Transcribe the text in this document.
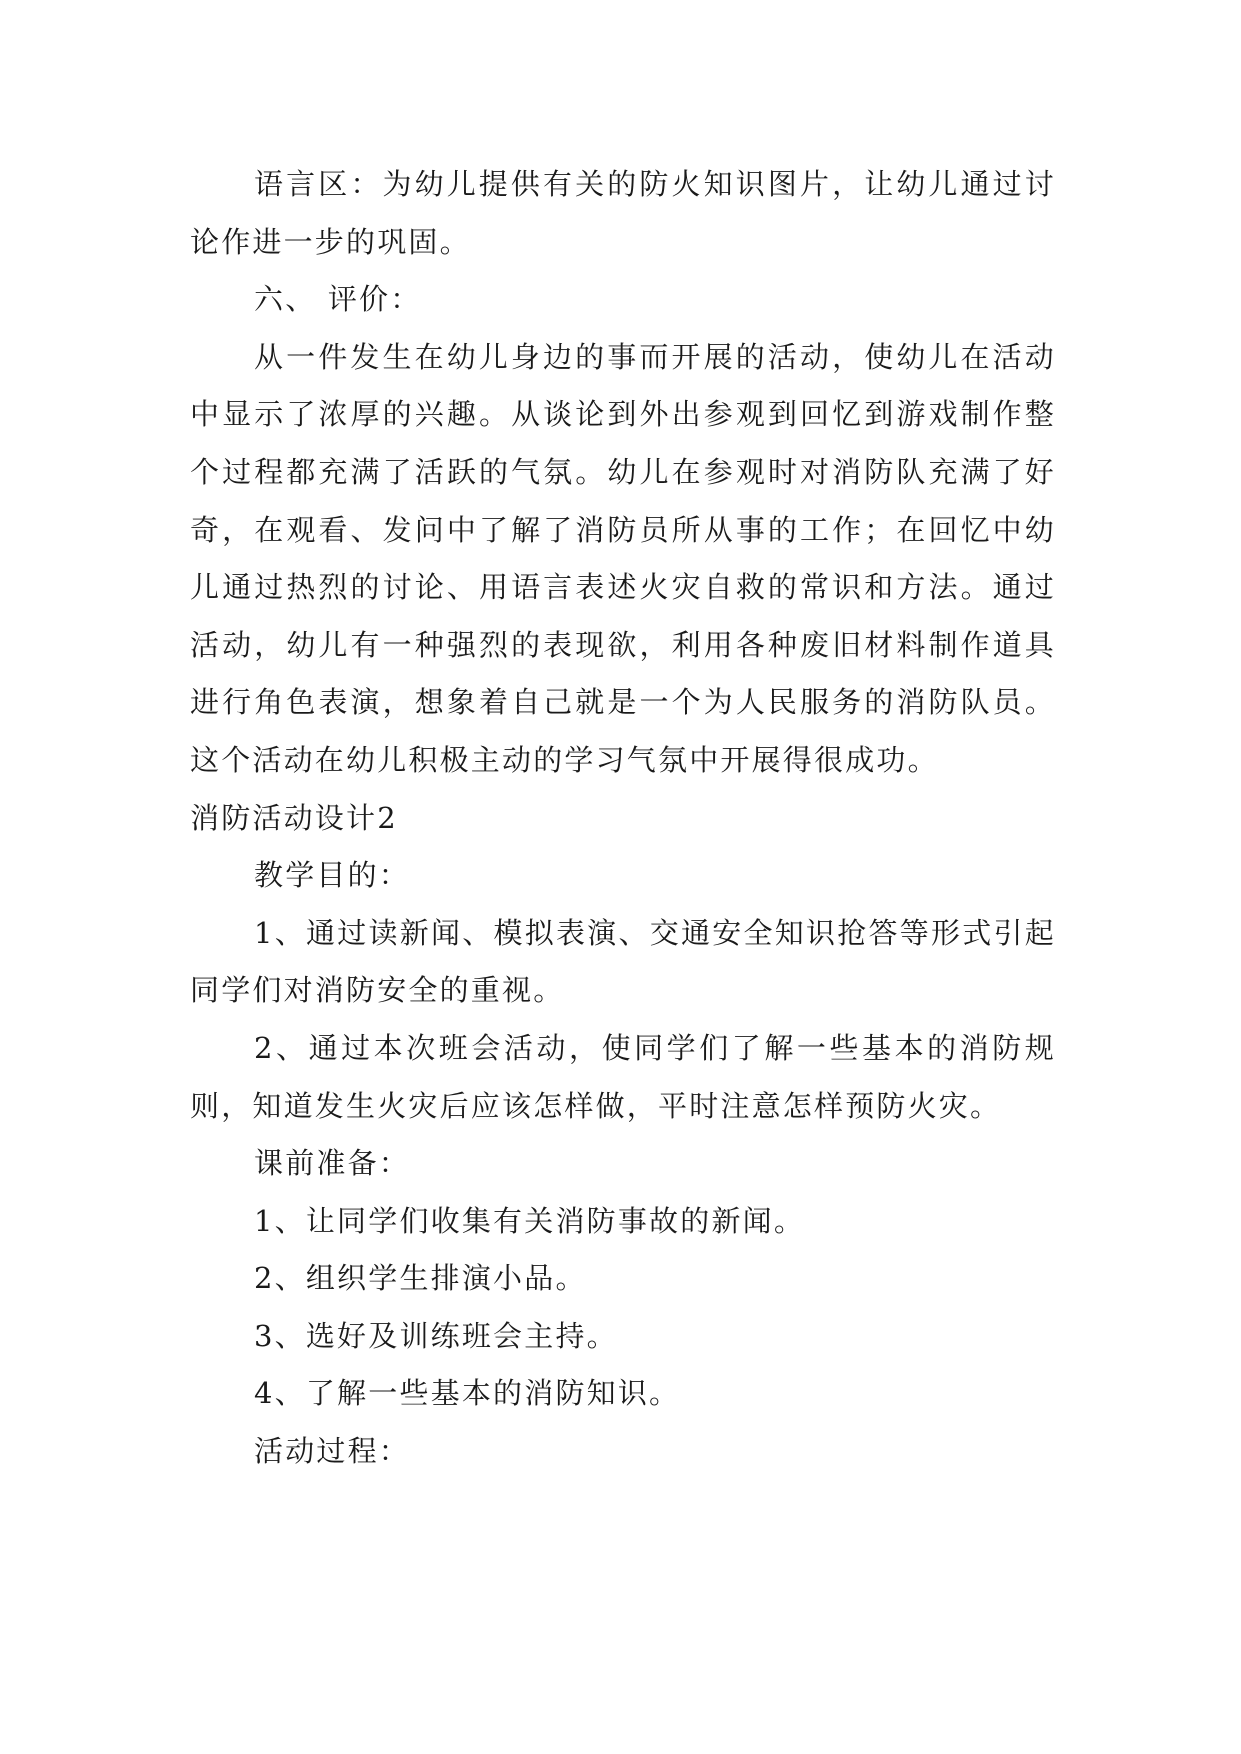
语言区：为幼儿提供有关的防火知识图片，让幼儿通过讨论作进一步的巩固。

六、 评价：

从一件发生在幼儿身边的事而开展的活动，使幼儿在活动中显示了浓厚的兴趣。从谈论到外出参观到回忆到游戏制作整个过程都充满了活跃的气氛。幼儿在参观时对消防队充满了好奇，在观看、发问中了解了消防员所从事的工作；在回忆中幼儿通过热烈的讨论、用语言表述火灾自救的常识和方法。通过活动，幼儿有一种强烈的表现欲，利用各种废旧材料制作道具进行角色表演，想象着自己就是一个为人民服务的消防队员。这个活动在幼儿积极主动的学习气氛中开展得很成功。

消防活动设计2

教学目的：

1、通过读新闻、模拟表演、交通安全知识抢答等形式引起同学们对消防安全的重视。

2、通过本次班会活动，使同学们了解一些基本的消防规则，知道发生火灾后应该怎样做，平时注意怎样预防火灾。

课前准备：

1、让同学们收集有关消防事故的新闻。

2、组织学生排演小品。

3、选好及训练班会主持。

4、了解一些基本的消防知识。

活动过程：
